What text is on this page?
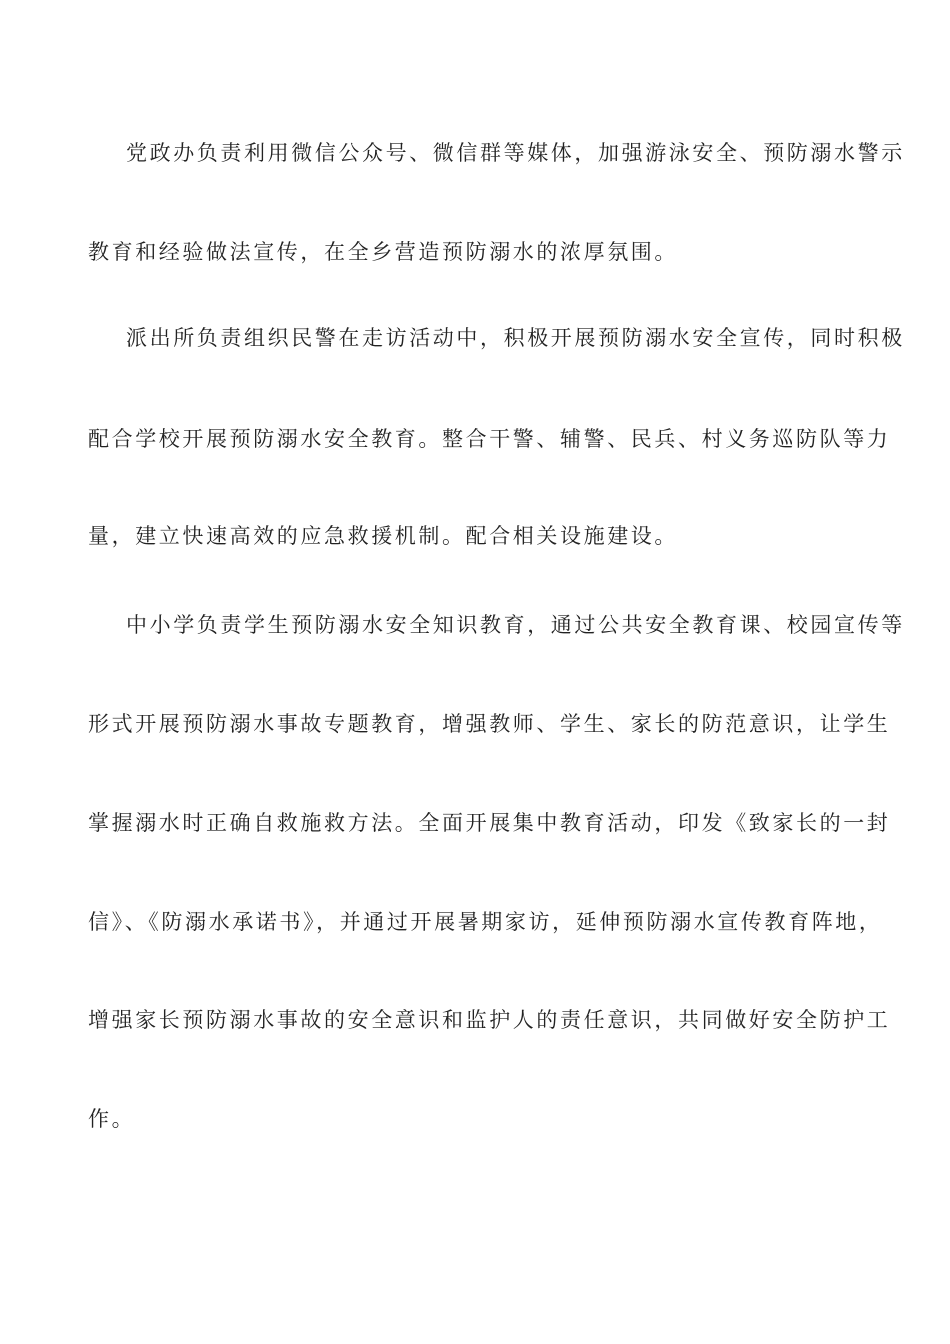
党政办负责利用微信公众号、微信群等媒体，加强游泳安全、预防溺水警示
教育和经验做法宣传，在全乡营造预防溺水的浓厚氛围。
派出所负责组织民警在走访活动中，积极开展预防溺水安全宣传，同时积极
配合学校开展预防溺水安全教育。整合干警、辅警、民兵、村义务巡防队等力
量，建立快速高效的应急救援机制。配合相关设施建设。
中小学负责学生预防溺水安全知识教育，通过公共安全教育课、校园宣传等
形式开展预防溺水事故专题教育，增强教师、学生、家长的防范意识，让学生
掌握溺水时正确自救施救方法。全面开展集中教育活动，印发《致家长的一封
信》、《防溺水承诺书》，并通过开展暑期家访，延伸预防溺水宣传教育阵地，
增强家长预防溺水事故的安全意识和监护人的责任意识，共同做好安全防护工
作。
